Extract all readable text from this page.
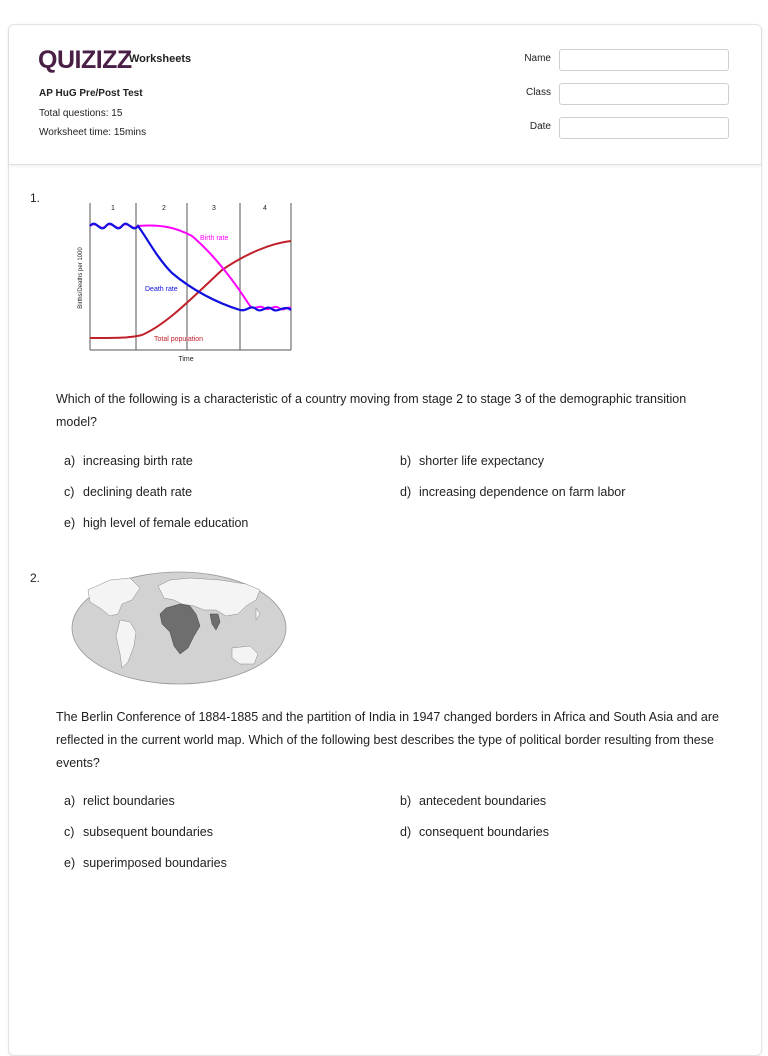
QUIZIZZ
Worksheets
AP HuG Pre/Post Test
Total questions: 15
Worksheet time: 15mins
Name
Class
Date
1.
1	2	3	4
Births/Deaths per 1000
Time
Birth rate
Death rate
Total population
Which of the following is a characteristic of a country moving from stage 2 to stage 3 of the demographic transition model?
a) increasing birth rate	b) shorter life expectancy
c) declining death rate	d) increasing dependence on farm labor
e) high level of female education
2.
The Berlin Conference of 1884-1885 and the partition of India in 1947 changed borders in Africa and South Asia and are reflected in the current world map. Which of the following best describes the type of political border resulting from these events?
a) relict boundaries	b) antecedent boundaries
c) subsequent boundaries	d) consequent boundaries
e) superimposed boundaries
